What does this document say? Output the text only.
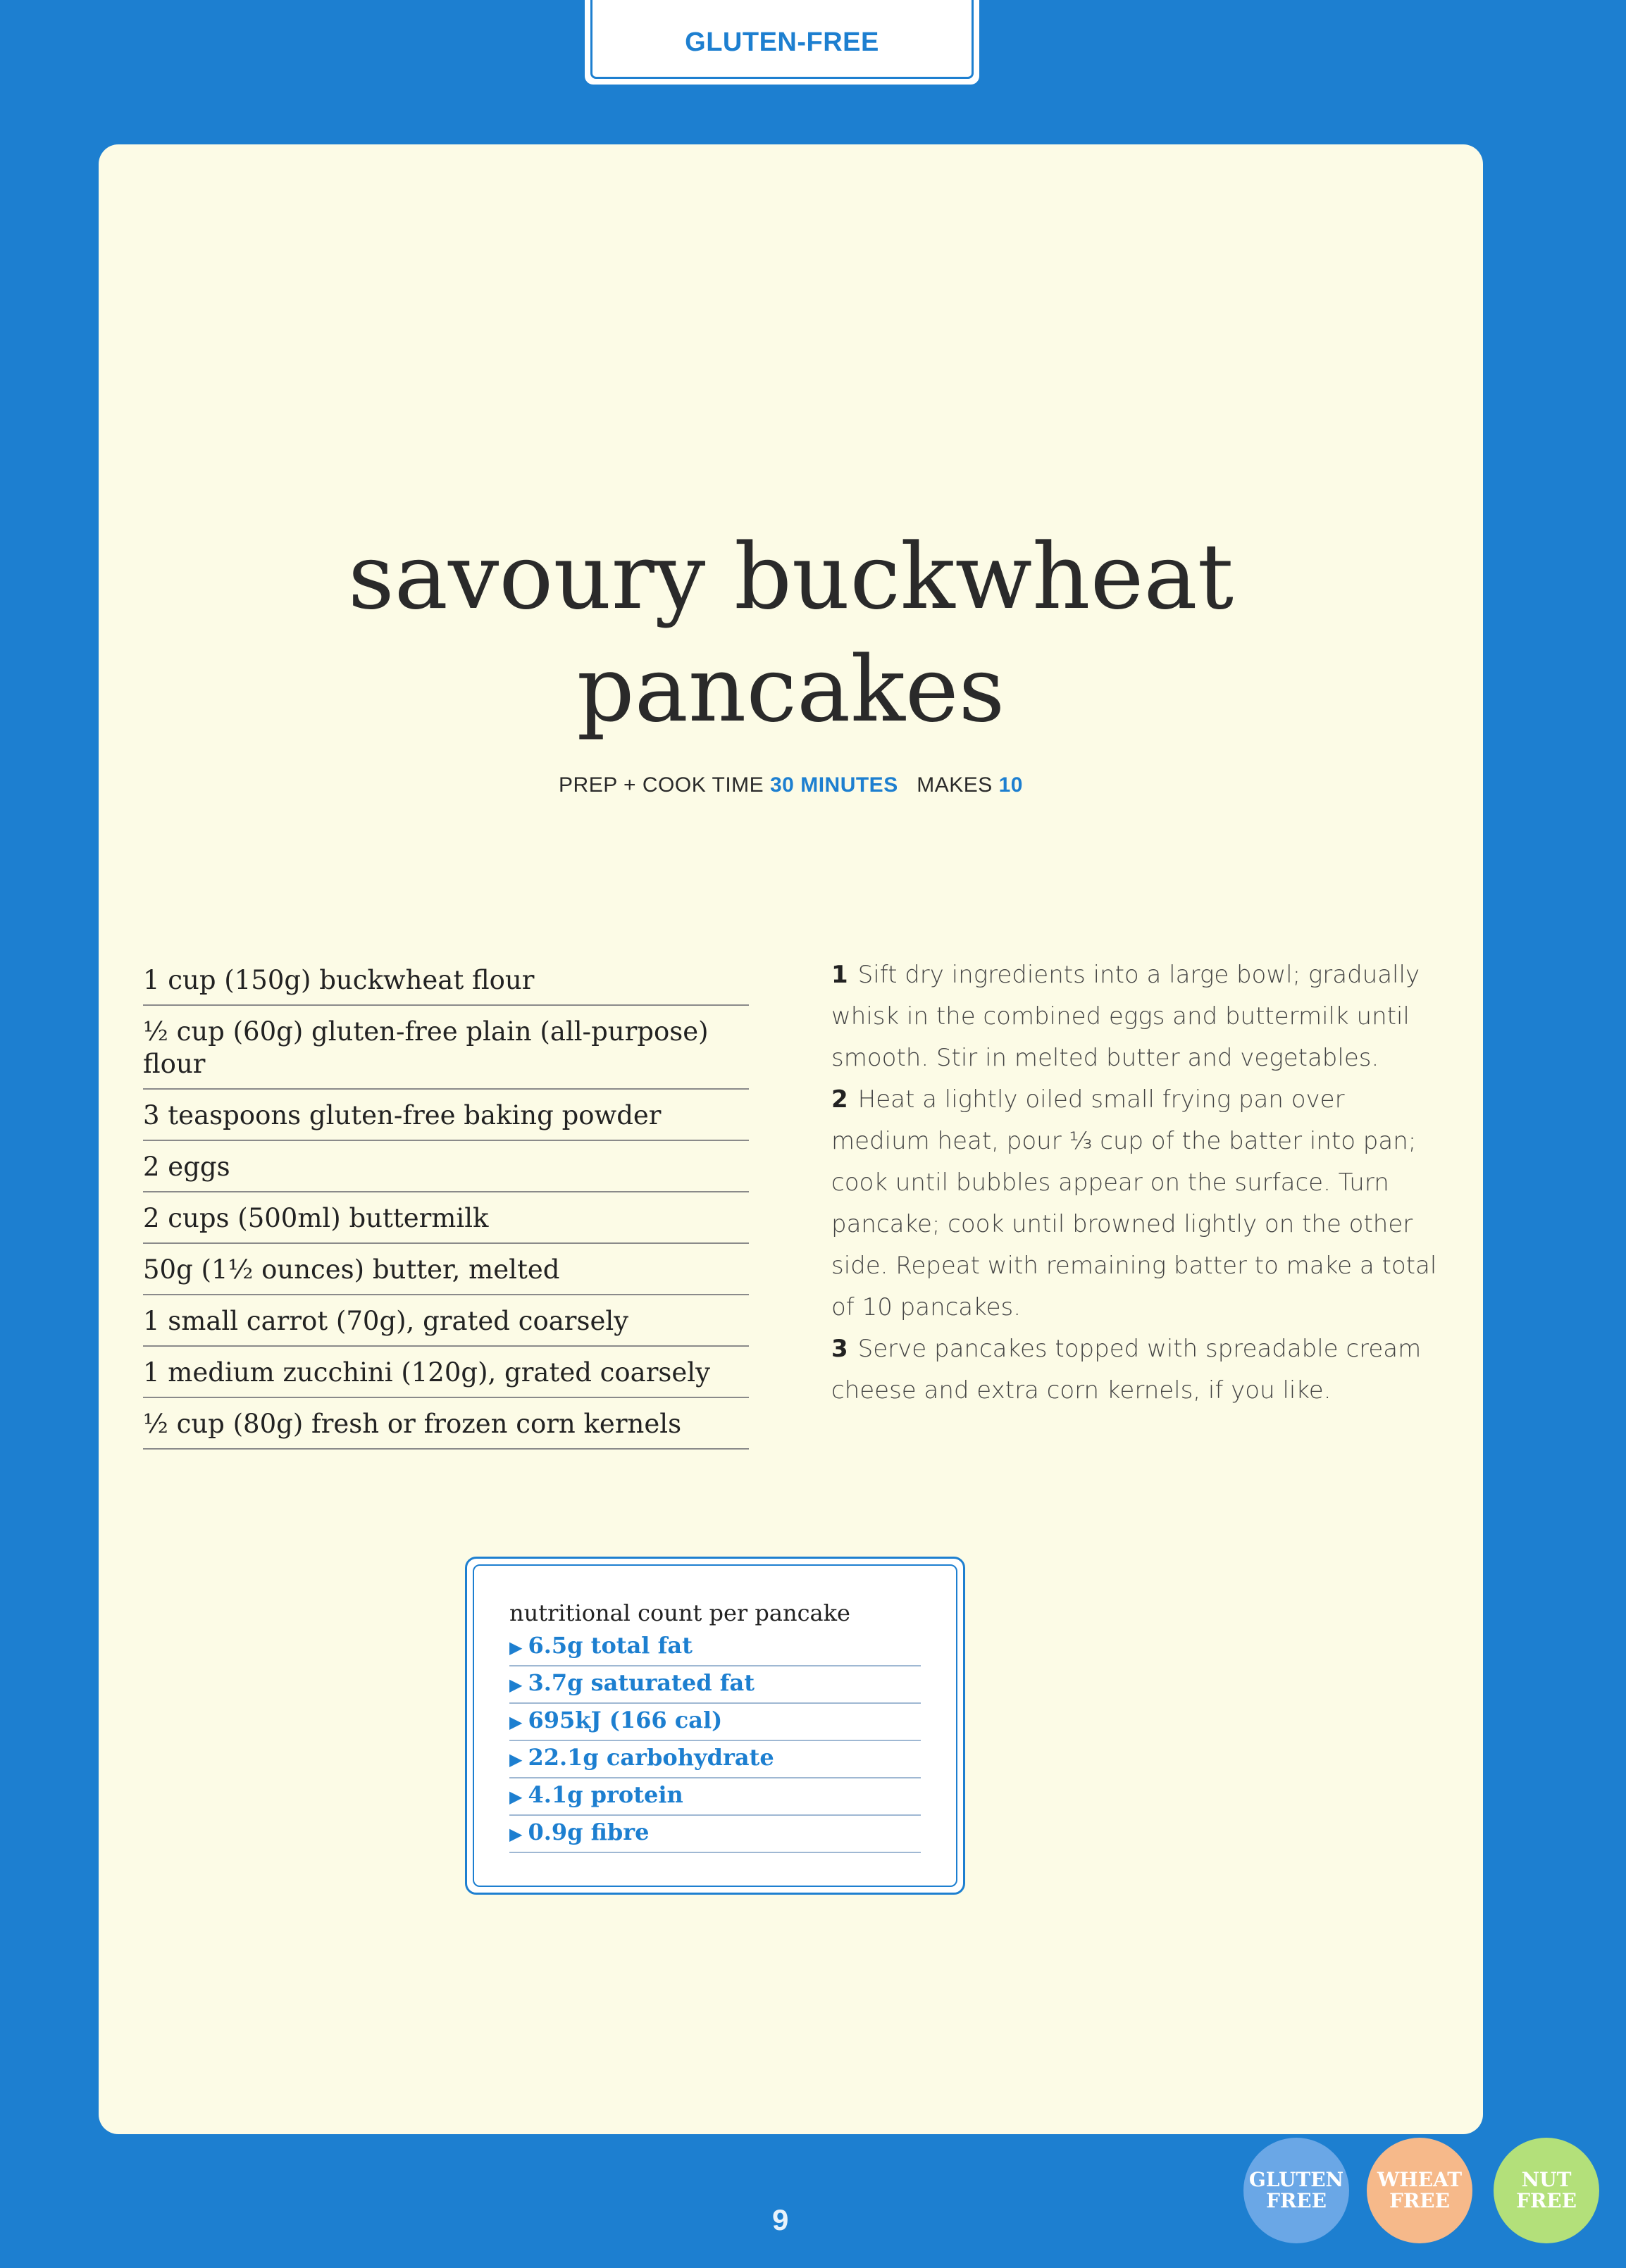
GLUTEN-FREE
savoury buckwheat
pancakes
PREP + COOK TIME 30 MINUTES MAKES 10
1 cup (150g) buckwheat flour
½ cup (60g) gluten-free plain (all-purpose) flour
3 teaspoons gluten-free baking powder
2 eggs
2 cups (500ml) buttermilk
50g (1½ ounces) butter, melted
1 small carrot (70g), grated coarsely
1 medium zucchini (120g), grated coarsely
½ cup (80g) fresh or frozen corn kernels

1 Sift dry ingredients into a large bowl; gradually whisk in the combined eggs and buttermilk until smooth. Stir in melted butter and vegetables.

2 Heat a lightly oiled small frying pan over medium heat, pour ⅓ cup of the batter into pan; cook until bubbles appear on the surface. Turn pancake; cook until browned lightly on the other side. Repeat with remaining batter to make a total of 10 pancakes.

3 Serve pancakes topped with spreadable cream cheese and extra corn kernels, if you like.

nutritional count per pancake
▶ 6.5g total fat
▶ 3.7g saturated fat
▶ 695kJ (166 cal)
▶ 22.1g carbohydrate
▶ 4.1g protein
▶ 0.9g fibre
9
GLUTEN
FREE
WHEAT
FREE
NUT
FREE
